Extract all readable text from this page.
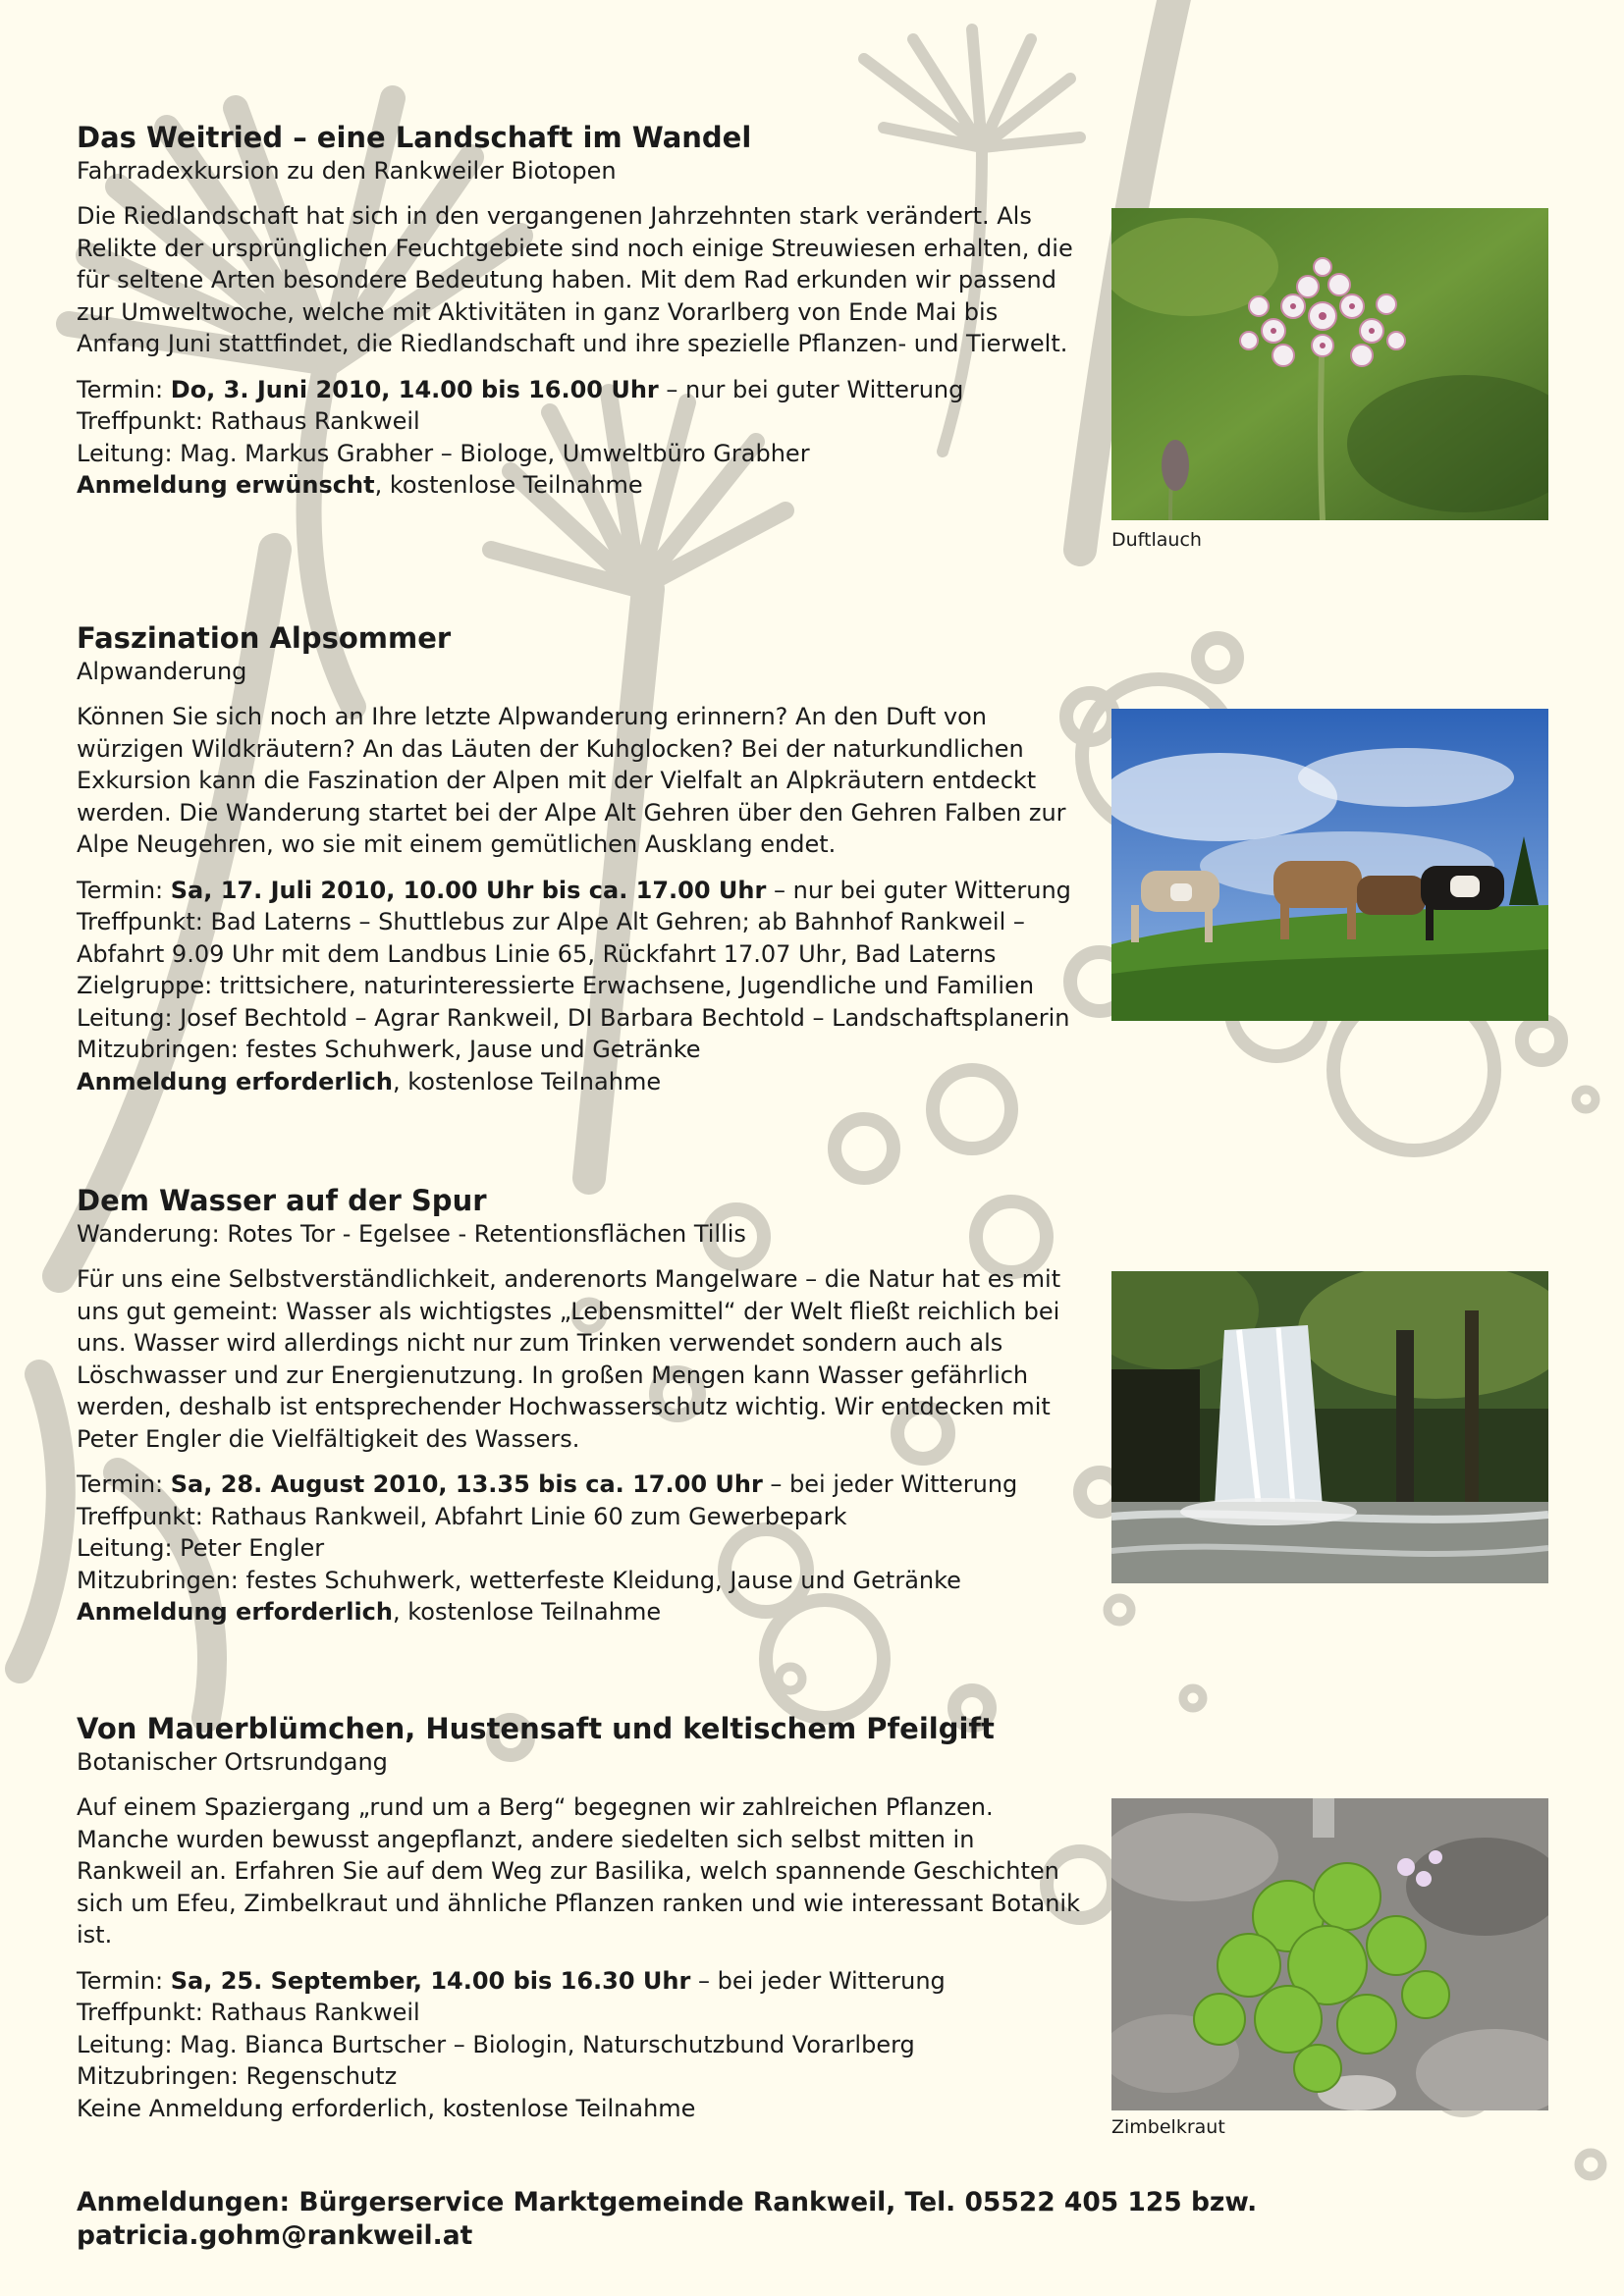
Das Weitried – eine Landschaft im Wandel

Fahrradexkursion zu den Rankweiler Biotopen

Die Riedlandschaft hat sich in den vergangenen Jahrzehnten stark verändert. Als Relikte der ursprünglichen Feuchtgebiete sind noch einige Streuwiesen erhalten, die für seltene Arten besondere Bedeutung haben. Mit dem Rad erkunden wir passend zur Umweltwoche, welche mit Aktivitäten in ganz Vorarlberg von Ende Mai bis Anfang Juni stattfindet, die Riedlandschaft und ihre spezielle Pflanzen- und Tierwelt.

Termin: Do, 3. Juni 2010, 14.00 bis 16.00 Uhr – nur bei guter Witterung

Treffpunkt: Rathaus Rankweil

Leitung: Mag. Markus Grabher – Biologe, Umweltbüro Grabher

Anmeldung erwünscht, kostenlose Teilnahme

Faszination Alpsommer

Alpwanderung

Können Sie sich noch an Ihre letzte Alpwanderung erinnern? An den Duft von würzigen Wildkräutern? An das Läuten der Kuhglocken? Bei der naturkundlichen Exkursion kann die Faszination der Alpen mit der Vielfalt an Alpkräutern entdeckt werden. Die Wanderung startet bei der Alpe Alt Gehren über den Gehren Falben zur Alpe Neugehren, wo sie mit einem gemütlichen Ausklang endet.

Termin: Sa, 17. Juli 2010, 10.00 Uhr bis ca. 17.00 Uhr – nur bei guter Witterung

Treffpunkt: Bad Laterns – Shuttlebus zur Alpe Alt Gehren; ab Bahnhof Rankweil – Abfahrt 9.09 Uhr mit dem Landbus Linie 65, Rückfahrt 17.07 Uhr, Bad Laterns

Zielgruppe: trittsichere, naturinteressierte Erwachsene, Jugendliche und Familien

Leitung: Josef Bechtold – Agrar Rankweil, DI Barbara Bechtold – Landschaftsplanerin

Mitzubringen: festes Schuhwerk, Jause und Getränke

Anmeldung erforderlich, kostenlose Teilnahme

Dem Wasser auf der Spur

Wanderung: Rotes Tor - Egelsee - Retentionsflächen Tillis

Für uns eine Selbstverständlichkeit, anderenorts Mangelware – die Natur hat es mit uns gut gemeint: Wasser als wichtigstes „Lebensmittel“ der Welt fließt reichlich bei uns. Wasser wird allerdings nicht nur zum Trinken verwendet sondern auch als Löschwasser und zur Energienutzung. In großen Mengen kann Wasser gefährlich werden, deshalb ist entsprechender Hochwasserschutz wichtig. Wir entdecken mit Peter Engler die Vielfältigkeit des Wassers.

Termin: Sa, 28. August 2010, 13.35 bis ca. 17.00 Uhr – bei jeder Witterung

Treffpunkt: Rathaus Rankweil, Abfahrt Linie 60 zum Gewerbepark

Leitung: Peter Engler

Mitzubringen: festes Schuhwerk, wetterfeste Kleidung, Jause und Getränke

Anmeldung erforderlich, kostenlose Teilnahme

Von Mauerblümchen, Hustensaft und keltischem Pfeilgift

Botanischer Ortsrundgang

Auf einem Spaziergang „rund um a Berg“ begegnen wir zahlreichen Pflanzen. Manche wurden bewusst angepflanzt, andere siedelten sich selbst mitten in Rankweil an. Erfahren Sie auf dem Weg zur Basilika, welch spannende Geschichten sich um Efeu, Zimbelkraut und ähnliche Pflanzen ranken und wie interessant Botanik ist.

Termin: Sa, 25. September, 14.00 bis 16.30 Uhr – bei jeder Witterung

Treffpunkt: Rathaus Rankweil

Leitung: Mag. Bianca Burtscher – Biologin, Naturschutzbund Vorarlberg

Mitzubringen: Regenschutz

Keine Anmeldung erforderlich, kostenlose Teilnahme

Duftlauch
Zimbelkraut
Anmeldungen: Bürgerservice Marktgemeinde Rankweil, Tel. 05522 405 125 bzw. patricia.gohm@rankweil.at
